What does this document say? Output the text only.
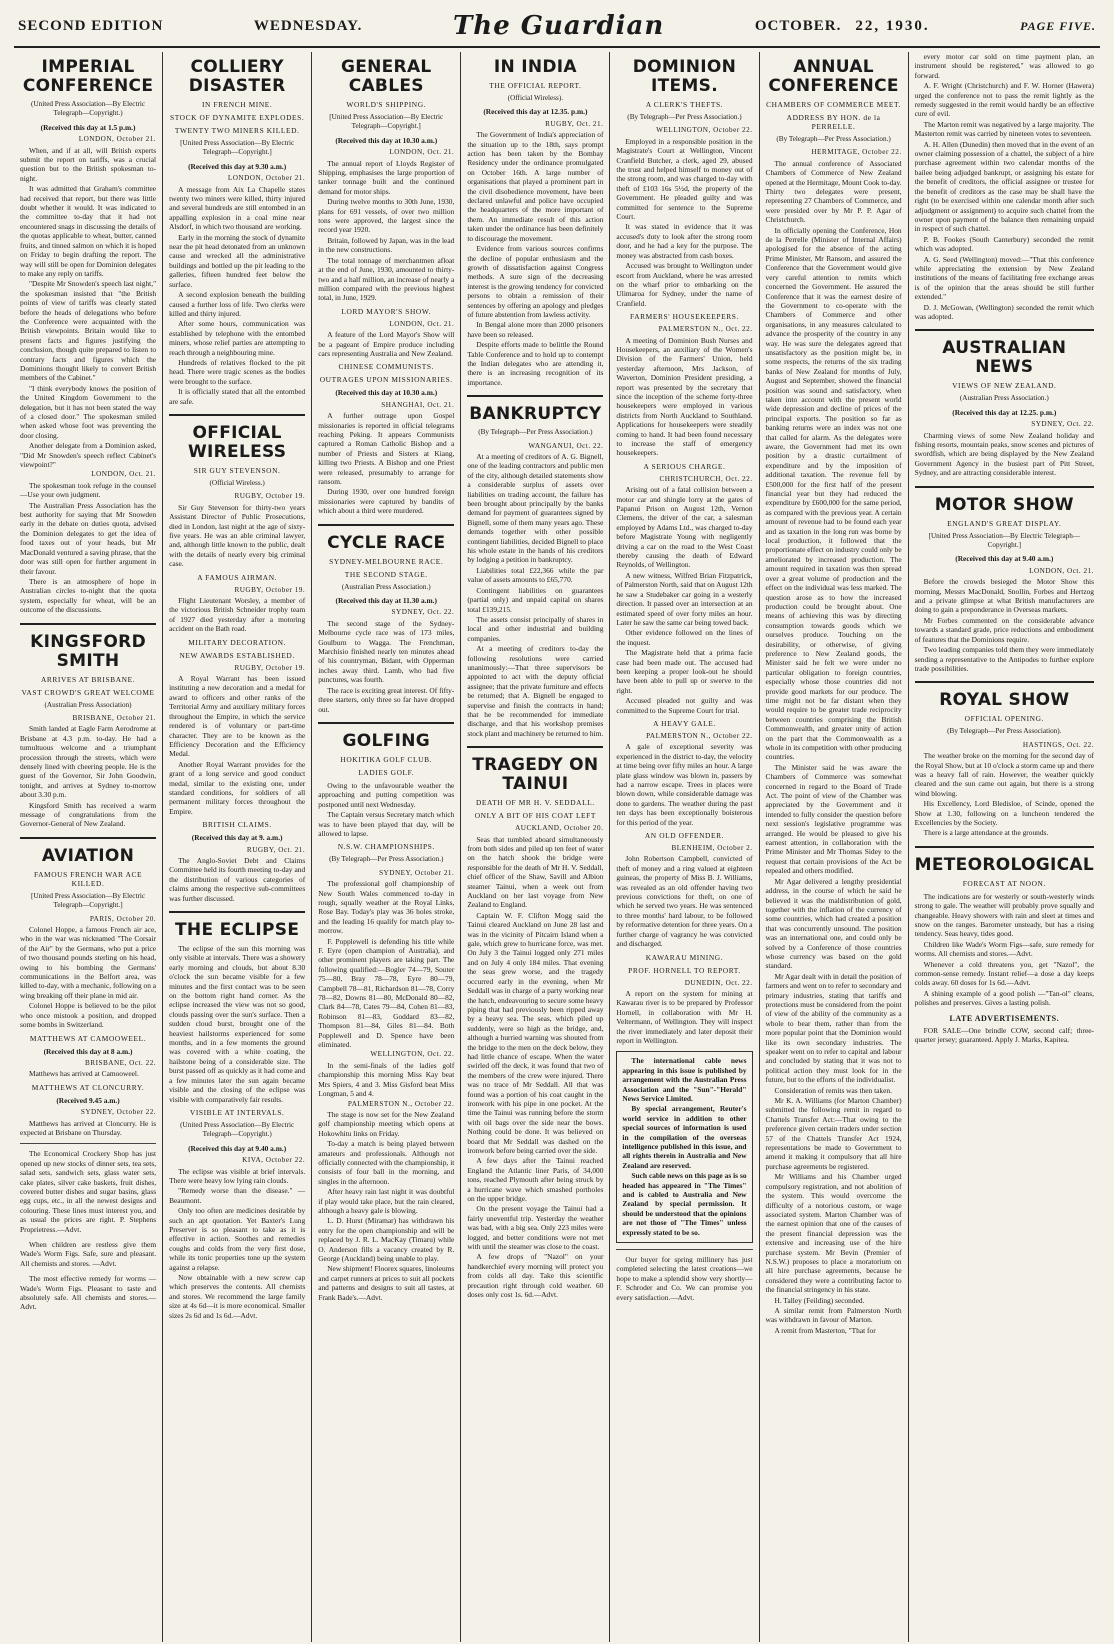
SECOND EDITION	WEDNESDAY.	The Guardian	OCTOBER. 22, 1930.	PAGE FIVE.
IMPERIAL CONFERENCE
(United Press Association—By Electric Telegraph—Copyright.)
(Received this day at 1.5 p.m.)
LONDON, October 21.

When, and if at all, will British experts submit the report on tariffs, was a crucial question but to the British spokesman to-night.

It was admitted that Graham's committee had received that report, but there was little doubt whether it would. It was indicated to the committee to-day that it had not encountered snags in discussing the details of the quotas applicable to wheat, butter, canned fruits, and tinned salmon on which it is hoped on Friday to begin drafting the report. The way will still be open for Dominion delegates to make any reply on tariffs.

"Despite Mr Snowden's speech last night," the spokesman insisted that "the British points of view of tariffs was clearly stated before the heads of delegations who before the Conference were acquainted with the British viewpoints. Britain would like to present facts and figures justifying the conclusion, though quite prepared to listen to contrary facts and figures which the Dominions thought likely to convert British members of the Cabinet."

"I think everybody knows the position of the United Kingdom Government to the delegation, but it has not been stated the way of a closed door." The spokesman smiled when asked whose foot was preventing the door closing.

Another delegate from a Dominion asked, "Did Mr Snowden's speech reflect Cabinet's viewpoint?"

LONDON, Oct. 21.

The spokesman took refuge in the counsel—Use your own judgment.

The Australian Press Association has the best authority for saying that Mr Snowden early in the debate on duties quota, advised the Dominion delegates to get the idea of food taxes out of your heads, but Mr MacDonald ventured a saving phrase, that the door was still open for further argument in their favour.

There is an atmosphere of hope in Australian circles to-night that the quota system, especially for wheat, will be an outcome of the discussions.

KINGSFORD SMITH
ARRIVES AT BRISBANE.
VAST CROWD'S GREAT WELCOME
(Australian Press Association)
BRISBANE, October 21.

Smith landed at Eagle Farm Aerodrome at Brisbane at 4.3 p.m. to-day. He had a tumultuous welcome and a triumphant procession through the streets, which were densely lined with cheering people. He is the guest of the Governor, Sir John Goodwin, tonight, and arrives at Sydney to-morrow about 3.30 p.m.

Kingsford Smith has received a warm message of congratulations from the Governor-General of New Zealand.

AVIATION
FAMOUS FRENCH WAR ACE KILLED.
[United Press Association—By Electric Telegraph—Copyright.]
PARIS, October 20.

Colonel Hoppe, a famous French air ace, who in the war was nicknamed "The Corsair of the Air" by the Germans, who put a price of two thousand pounds sterling on his head, owing to his bombing the Germans' communications in the Belfort area, was killed to-day, with a mechanic, following on a wing breaking off their plane in mid air.

Colonel Hoppe is believed to be the pilot who once mistook a position, and dropped some bombs in Switzerland.

MATTHEWS AT CAMOOWEEL.
(Received this day at 8 a.m.)
BRISBANE, Oct. 22.

Matthews has arrived at Camooweel.

MATTHEWS AT CLONCURRY.
(Received 9.45 a.m.)
SYDNEY, October 22.

Matthews has arrived at Cloncurry. He is expected at Brisbane on Thursday.

The Economical Crockery Shop has just opened up new stocks of dinner sets, tea sets, salad sets, sandwich sets, glass water sets, cake plates, silver cake baskets, fruit dishes, covered butter dishes and sugar basins, glass egg cups, etc., in all the newest designs and colouring. These lines must interest you, and as usual the prices are right. P. Stephens Proprietress.—Advt.

When children are restless give them Wade's Worm Figs. Safe, sure and pleasant. All chemists and stores. —Advt.

The most effective remedy for worms —Wade's Worm Figs. Pleasant to taste and absolutely safe. All chemists and stores.—Advt.

COLLIERY DISASTER
IN FRENCH MINE.
STOCK OF DYNAMITE EXPLODES.
TWENTY TWO MINERS KILLED.
[United Press Association—By Electric Telegraph—Copyright.]
(Received this day at 9.30 a.m.)
LONDON, October 21.

A message from Aix La Chapelle states twenty two miners were killed, thirty injured and several hundreds are still entombed in an appalling explosion in a coal mine near Alsdorf, in which two thousand are working.

Early in the morning the stock of dynamite near the pit head detonated from an unknown cause and wrecked all the administrative buildings and bottled up the pit leading to the galleries, fifteen hundred feet below the surface.

A second explosion beneath the building caused a further loss of life. Two clerks were killed and thirty injured.

After some hours, communication was established by telephone with the entombed miners, whose relief parties are attempting to reach through a neighbouring mine.

Hundreds of relatives flocked to the pit head. There were tragic scenes as the bodies were brought to the surface.

It is officially stated that all the entombed are safe.

OFFICIAL WIRELESS
SIR GUY STEVENSON.
(Official Wireless.)
RUGBY, October 19.

Sir Guy Stevenson for thirty-two years Assistant Director of Public Prosecutions, died in London, last night at the age of sixty-five years. He was an able criminal lawyer, and, although little known to the public, dealt with the details of nearly every big criminal case.

A FAMOUS AIRMAN.
RUGBY, October 19.

Flight Lieutenant Worsley, a member of the victorious British Schneider trophy team of 1927 died yesterday after a motoring accident on the Bath road.

MILITARY DECORATION.
NEW AWARDS ESTABLISHED.
RUGBY, October 19.

A Royal Warrant has been issued instituting a new decoration and a medal for award to officers and other ranks of the Territorial Army and auxiliary military forces throughout the Empire, in which the service rendered is of voluntary or part-time character. They are to be known as the Efficiency Decoration and the Efficiency Medal.

Another Royal Warrant provides for the grant of a long service and good conduct medal, similar to the existing one, under standard conditions, for soldiers of all permanent military forces throughout the Empire.

BRITISH CLAIMS.
(Received this day at 9. a.m.)
RUGBY, Oct. 21.

The Anglo-Soviet Debt and Claims Committee held its fourth meeting to-day and the distribution of various categories of claims among the respective sub-committees was further discussed.

THE ECLIPSE

The eclipse of the sun this morning was only visible at intervals. There was a showery early morning and clouds, but about 8.30 o'clock the sun became visible for a few minutes and the first contact was to be seen on the bottom right hand corner. As the eclipse increased the view was not so good, clouds passing over the sun's surface. Then a sudden cloud burst, brought one of the heaviest hailstorms experienced for some months, and in a few moments the ground was covered with a white coating, the hailstone being of a considerable size. The burst passed off as quickly as it had come and a few minutes later the sun again became visible and the closing of the eclipse was visible with comparatively fair results.

VISIBLE AT INTERVALS.
(United Press Association—By Electric Telegraph—Copyright.)
(Received this day at 9.40 a.m.)
KIVA, October 22.

The eclipse was visible at brief intervals. There were heavy low lying rain clouds.

"Remedy worse than the disease." —Beaumont.

Only too often are medicines desirable by such an apt quotation. Yet Baxter's Lung Preserver is so pleasant to take as it is effective in action. Soothes and remedies coughs and colds from the very first dose, while its tonic properties tone up the system against a relapse.

Now obtainable with a new screw cap which preserves the contents. All chemists and stores. We recommend the large family size at 4s 6d—it is more economical. Smaller sizes 2s 6d and 1s 6d.—Advt.

GENERAL CABLES
WORLD'S SHIPPING.
[United Press Association—By Electric Telegraph—Copyright.]
(Received this day at 10.30 a.m.)
LONDON, Oct. 21.

The annual report of Lloyds Register of Shipping, emphasises the large proportion of tanker tonnage built and the continued demand for motor ships.

During twelve months to 30th June, 1930, plans for 691 vessels, of over two million tons were approved, the largest since the record year 1920.

Britain, followed by Japan, was in the lead in the new constructions.

The total tonnage of merchantmen afloat at the end of June, 1930, amounted to thirty-two and a half million, an increase of nearly a million compared with the previous highest total, in June, 1929.

LORD MAYOR'S SHOW.
LONDON, Oct. 21.

A feature of the Lord Mayor's Show will be a pageant of Empire produce including cars representing Australia and New Zealand.

CHINESE COMMUNISTS.
OUTRAGES UPON MISSIONARIES.
(Received this day at 10.30 a.m.)
SHANGHAI, Oct. 21.

A further outrage upon Gospel missionaries is reported in official telegrams reaching Peking. It appears Communists captured a Roman Catholic Bishop and a number of Priests and Sisters at Kiang, killing two Priests. A Bishop and one Priest were released, presumably to arrange for ransom.

During 1930, over one hundred foreign missionaries were captured by bandits of which about a third were murdered.

CYCLE RACE
SYDNEY-MELBOURNE RACE.
THE SECOND STAGE.
(Australian Press Association.)
(Received this day at 11.30 a.m.)
SYDNEY, Oct. 22.

The second stage of the Sydney-Melbourne cycle race was of 173 miles, Goulburn to Wagga. The Frenchman, Marchisio finished nearly ten minutes ahead of his countryman, Bidant, with Opperman inches away third. Lamb, who had five punctures, was fourth.

The race is exciting great interest. Of fifty-three starters, only three so far have dropped out.

GOLFING
HOKITIKA GOLF CLUB.
LADIES GOLF.

Owing to the unfavourable weather the approaching and putting competition was postponed until next Wednesday.

The Captain versus Secretary match which was to have been played that day, will be allowed to lapse.

N.S.W. CHAMPIONSHIPS.
(By Telegraph—Per Press Association.)
SYDNEY, October 21.

The professional golf championship of New South Wales commenced to-day in rough, squally weather at the Royal Links, Rose Bay. Today's play was 36 holes stroke, and the leading 16 qualify for match play to-morrow.

F. Popplewell is defending his title while F. Eyre (open champion of Australia), and other prominent players are taking part. The following qualified:—Bogler 74—79, Souter 75—80, Bray 78—78, Eyre 80—79, Campbell 78—81, Richardson 81—78, Corry 78—82, Downs 81—80, McDonald 80—82, Clark 84—78, Cates 79—84, Cohen 81—83, Robinson 81—83, Goddard 83—82, Thompson 81—84, Giles 81—84. Both Popplewell and D. Spence have been eliminated.

WELLINGTON, Oct. 22.

In the semi-finals of the ladies golf championship this morning Miss Kay beat Mrs Spiers, 4 and 3. Miss Gisford beat Miss Longman, 5 and 4.

PALMERSTON N., October 22.

The stage is now set for the New Zealand golf championship meeting which opens at Hokowhitu links on Friday.

To-day a match is being played between amateurs and professionals. Although not officially connected with the championship, it consists of four ball in the morning, and singles in the afternoon.

After heavy rain last night it was doubtful if play would take place, but the rain cleared, although a heavy gale is blowing.

L. D. Hurst (Miramar) has withdrawn his entry for the open championship and will be replaced by J. R. L. MacKay (Timaru) while O. Anderson fills a vacancy created by R. George (Auckland) being unable to play.

New shipment! Floorex squares, linoleums and carpet runners at prices to suit all pockets and patterns and designs to suit all tastes, at Frank Bade's.—Advt.

IN INDIA
THE OFFICIAL REPORT.
(Official Wireless).
(Received this day at 12.35. p.m.)
RUGBY, Oct. 21.

The Government of India's appreciation of the situation up to the 18th, says prompt action has been taken by the Bombay Residency under the ordinance promulgated on October 16th. A large number of organisations that played a prominent part in the civil disobedience movement, have been declared unlawful and police have occupied the headquarters of the more important of them. An immediate result of this action taken under the ordinance has been definitely to discourage the movement.

Evidence from various sources confirms the decline of popular enthusiasm and the growth of dissatisfaction against Congress methods. A sure sign of the decreasing interest is the growing tendency for convicted persons to obtain a remission of their sentences by offering an apology and pledges of future abstention from lawless activity.

In Bengal alone more than 2000 prisoners have been so released.

Despite efforts made to belittle the Round Table Conference and to hold up to contempt the Indian delegates who are attending it, there is an increasing recognition of its importance.

BANKRUPTCY
(By Telegraph—Per Press Association.)
WANGANUI, Oct. 22.

At a meeting of creditors of A. G. Bignell, one of the leading contractors and public men of the city, although detailed statements show a considerable surplus of assets over liabilities on trading account, the failure has been brought about principally by the banks demand for payment of guarantees signed by Bignell, some of them many years ago. These demands together with other possible contingent liabilities, decided Bignell to place his whole estate in the hands of his creditors by lodging a petition in bankruptcy.

Liabilities total £22,366 while the par value of assets amounts to £65,770.

Contingent liabilities on guarantees (partial only) and unpaid capital on shares total £139,215.

The assets consist principally of shares in local and other industrial and building companies.

At a meeting of creditors to-day the following resolutions were carried unanimously:—That three supervisors be appointed to act with the deputy official assignee; that the private furniture and effects be returned; that A. Bignell be engaged to supervise and finish the contracts in hand; that he be recommended for immediate discharge, and that his workshop premises stock plant and machinery be returned to him.

TRAGEDY ON TAINUI
DEATH OF MR H. V. SEDDALL.
ONLY A BIT OF HIS COAT LEFT
AUCKLAND, October 20.

Seas that tumbled aboard simultaneously from both sides and piled up ten feet of water on the hatch shook the bridge were responsible for the death of Mr H. V. Seddall, chief officer of the Shaw, Savill and Albion steamer Tainui, when a week out from Auckland on her last voyage from New Zealand to England.

Captain W. F. Clifton Mogg said the Tainui cleared Auckland on June 28 last and was in the vicinity of Pitcairn Island when a gale, which grew to hurricane force, was met. On July 3 the Tainui logged only 271 miles and on July 4 only 184 miles. That evening the seas grew worse, and the tragedy occurred early in the evening, when Mr Seddall was in charge of a party working near the hatch, endeavouring to secure some heavy piping that had previously been ripped away by a heavy sea. The seas, which piled up suddenly, were so high as the bridge, and, although a hurried warning was shouted from the bridge to the men on the deck below, they had little chance of escape. When the water swirled off the deck, it was found that two of the members of the crew were injured. There was no trace of Mr Seddall. All that was found was a portion of his coat caught in the ironwork with his pipe in one pocket. At the time the Tainui was running before the storm with oil bags over the side near the bows. Nothing could be done. It was believed on board that Mr Seddall was dashed on the ironwork before being carried over the side.

A few days after the Tainui reached England the Atlantic liner Paris, of 34,000 tons, reached Plymouth after being struck by a hurricane wave which smashed portholes on the upper bridge.

On the present voyage the Tainui had a fairly uneventful trip. Yesterday the weather was bad, with a big sea. Only 223 miles were logged, and better conditions were not met with until the steamer was close to the coast.

A few drops of "Nazol" on your handkerchief every morning will protect you from colds all day. Take this scientific precaution right through cold weather. 60 doses only cost 1s. 6d.—Advt.

DOMINION ITEMS.
A CLERK'S THEFTS.
(By Telegraph—Per Press Association.)
WELLINGTON, October 22.

Employed in a responsible position in the Magistrate's Court at Wellington, Vincent Cranfield Butcher, a clerk, aged 29, abused the trust and helped himself to money out of the strong room, and was charged to-day with theft of £103 16s 5½d, the property of the Government. He pleaded guilty and was committed for sentence to the Supreme Court.

It was stated in evidence that it was accused's duty to look after the strong room door, and he had a key for the purpose. The money was abstracted from cash boxes.

Accused was brought to Wellington under escort from Auckland, where he was arrested on the wharf prior to embarking on the Ulimaroa for Sydney, under the name of Cranfield.

FARMERS' HOUSEKEEPERS.
PALMERSTON N., Oct. 22.

A meeting of Dominion Bush Nurses and Housekeepers, an auxiliary of the Women's Division of the Farmers' Union, held yesterday afternoon, Mrs Jackson, of Waverton, Dominion President presiding, a report was presented by the secretary that since the inception of the scheme forty-three housekeepers were employed in various districts from North Auckland to Southland. Applications for housekeepers were steadily coming to hand. It had been found necessary to increase the staff of emergency housekeepers.

A SERIOUS CHARGE.
CHRISTCHURCH, Oct. 22.

Arising out of a fatal collision between a motor car and shingle lorry at the gates of Papanui Prison on August 12th, Vernon Clemens, the driver of the car, a salesman employed by Adams Ltd., was charged to-day before Magistrate Young with negligently driving a car on the road to the West Coast thereby causing the death of Edward Reynolds, of Wellington.

A new witness, Wilfred Brian Fitzpatrick, of Palmerston North, said that on August 12th he saw a Studebaker car going in a westerly direction. It passed over an intersection at an estimated speed of over forty miles an hour. Later he saw the same car being towed back.

Other evidence followed on the lines of the inquest.

The Magistrate held that a prima facie case had been made out. The accused had been keeping a proper look-out he should have been able to pull up or swerve to the right.

Accused pleaded not guilty and was committed to the Supreme Court for trial.

A HEAVY GALE.
PALMERSTON N., October 22.

A gale of exceptional severity was experienced in the district to-day, the velocity at time being over fifty miles an hour. A large plate glass window was blown in, passers by had a narrow escape. Trees in places were blown down, while considerable damage was done to gardens. The weather during the past ten days has been exceptionally boisterous for this period of the year.

AN OLD OFFENDER.
BLENHEIM, October 2.

John Robertson Campbell, convicted of theft of money and a ring valued at eighteen guineas, the property of Miss B. J. Williams, was revealed as an old offender having two previous convictions for theft, on one of which he served two years. He was sentenced to three months' hard labour, to be followed by reformative detention for three years. On a further charge of vagrancy he was convicted and discharged.

KAWARAU MINING.
PROF. HORNELL TO REPORT.
DUNEDIN, Oct. 22.

A report on the system for mining at Kawarau river is to be prepared by Professor Hornell, in collaboration with Mr H. Veltermann, of Wellington. They will inspect the river immediately and later deposit their report in Wellington.

The international cable news appearing in this issue is published by arrangement with the Australian Press Association and the "Sun"-"Herald" News Service Limited.

By special arrangement, Reuter's world service in addition to other special sources of information is used in the compilation of the overseas intelligence published in this issue, and all rights therein in Australia and New Zealand are reserved.

Such cable news on this page as is so headed has appeared in "The Times" and is cabled to Australia and New Zealand by special permission. It should be understood that the opinions are not those of "The Times" unless expressly stated to be so.

Our buyer for spring millinery has just completed selecting the latest creations—we hope to make a splendid show very shortly—F. Schroder and Co. We can promise you every satisfaction.—Advt.

ANNUAL CONFERENCE
CHAMBERS OF COMMERCE MEET.
ADDRESS BY HON. de la PERRELLE.
(By Telegraph—Per Press Association.)
HERMITAGE, October 22.

The annual conference of Associated Chambers of Commerce of New Zealand opened at the Hermitage, Mount Cook to-day. Thirty two delegates were present, representing 27 Chambers of Commerce, and were presided over by Mr P. P. Agar of Christchurch.

In officially opening the Conference, Hon de la Perrelle (Minister of Internal Affairs) apologised for the absence of the acting Prime Minister, Mr Ransom, and assured the Conference that the Government would give very careful attention to remits which concerned the Government. He assured the Conference that it was the earnest desire of the Government to co-operate with the Chambers of Commerce and other organisations, in any measures calculated to advance the prosperity of the country in any way. He was sure the delegates agreed that unsatisfactory as the position might be, in some respects, the returns of the six trading banks of New Zealand for months of July, August and September, showed the financial position was sound and satisfactory, when taken into account with the present world wide depression and decline of prices of the principal exports. The position so far as banking returns were an index was not one that called for alarm. As the delegates were aware, the Government had met its own position by a drastic curtailment of expenditure and by the imposition of additional taxation. The revenue fell by £500,000 for the first half of the present financial year but they had reduced the expenditure by £600,000 for the same period, as compared with the previous year. A certain amount of revenue had to be found each year and as taxation in the long run was borne by local production, it followed that the proportionate effect on industry could only be ameliorated by increased production. The amount required in taxation was then spread over a great volume of production and the effect on the individual was less marked. The question arose as to how the increased production could be brought about. One means of achieving this was by directing consumption towards goods which we ourselves produce. Touching on the desirability, or otherwise, of giving preference to New Zealand goods, the Minister said he felt we were under no particular obligation to foreign countries, especially whose those countries did not provide good markets for our produce. The time might not be far distant when they would require to be greater trade reciprocity between countries comprising the British Commonwealth, and greater unity of action on the part that the Commonwealth as a whole in its competition with other producing countries.

The Minister said he was aware the Chambers of Commerce was somewhat concerned in regard to the Board of Trade Act. The point of view of the Chamber was appreciated by the Government and it intended to fully consider the question before next session's legislative programme was arranged. He would be pleased to give his earnest attention, in collaboration with the Prime Minister and Mr Thomas Sidey to the request that certain provisions of the Act be repealed and others modified.

Mr Agar delivered a lengthy presidential address, in the course of which he said he believed it was the maldistribution of gold, together with the inflation of the currency of some countries, which had created a position that was concurrently unsound. The position was an international one, and could only be solved by a Conference of those countries whose currency was based on the gold standard.

Mr Agar dealt with in detail the position of farmers and went on to refer to secondary and primary industries, stating that tariffs and protections must be considered from the point of view of the ability of the community as a whole to bear them, rather than from the more popular point that the Dominion would like its own secondary industries. The speaker went on to refer to capital and labour and concluded by stating that it was not to political action they must look for in the future, but to the efforts of the individualist.

Consideration of remits was then taken.

Mr K. A. Williams (for Marton Chamber) submitted the following remit in regard to Chattels Transfer Act:—That owing to the preference given certain traders under section 57 of the Chattels Transfer Act 1924, representations be made to Government to amend it making it compulsory that all hire purchase agreements be registered.

Mr Williams and his Chamber urged compulsory registration, and not abolition of the system. This would overcome the difficulty of a notorious custom, or wage associated system. Marton Chamber was of the earnest opinion that one of the causes of the present financial depression was the extensive and increasing use of the hire purchase system. Mr Bevin (Premier of N.S.W.) proposes to place a moratorium on all hire purchase agreements, because he considered they were a contributing factor to the financial stringency in his state.

H. Talley (Feilding) seconded.

A similar remit from Palmerston North was withdrawn in favour of Marton.

A remit from Masterton, "That for

every motor car sold on time payment plan, an instrument should be registered," was allowed to go forward.

A. F. Wright (Christchurch) and F. W. Horner (Hawera) urged the conference not to pass the remit lightly as the remedy suggested in the remit would hardly be an effective cure of evil.

The Marton remit was negatived by a large majority. The Masterton remit was carried by nineteen votes to seventeen.

A. H. Allen (Dunedin) then moved that in the event of an owner claiming possession of a chattel, the subject of a hire purchase agreement within two calendar months of the bailee being adjudged bankrupt, or assigning his estate for the benefit of creditors, the official assignee or trustee for the benefit of creditors as the case may be shall have the right (to be exercised within one calendar month after such adjudgment or assignment) to acquire such chattel from the owner upon payment of the balance then remaining unpaid in respect of such chattel.

P. B. Fookes (South Canterbury) seconded the remit which was adopted.

A. G. Seed (Wellington) moved:—"That this conference while appreciating the extension by New Zealand institutions of the means of facilitating free exchange areas is of the opinion that the areas should be still further extended."

D. J. McGowan, (Wellington) seconded the remit which was adopted.

AUSTRALIAN NEWS
VIEWS OF NEW ZEALAND.
(Australian Press Association.)
(Received this day at 12.25. p.m.)
SYDNEY, Oct. 22.

Charming views of some New Zealand holiday and fishing resorts, mountain peaks, snow scenes and pictures of swordfish, which are being displayed by the New Zealand Government Agency in the busiest part of Pitt Street, Sydney, and are attracting considerable interest.

MOTOR SHOW
ENGLAND'S GREAT DISPLAY.
[United Press Association—By Electric Telegraph—Copyright.]
(Received this day at 9.40 a.m.)
LONDON, Oct. 21.

Before the crowds besieged the Motor Show this morning, Messrs MacDonald, Snollin, Forbes and Hertzog and a private glimpse at what British manufacturers are doing to gain a preponderance in Overseas markets.

Mr Forbes commented on the considerable advance towards a standard grade, price reductions and embodiment of features that the Dominions require.

Two leading companies told them they were immediately sending a representative to the Antipodes to further explore trade possibilities.

ROYAL SHOW
OFFICIAL OPENING.
(By Telegraph—Per Press Association).
HASTINGS, Oct. 22.

The weather broke on the morning for the second day of the Royal Show, but at 10 o'clock a storm came up and there was a heavy fall of rain. However, the weather quickly cleared and the sun came out again, but there is a strong wind blowing.

His Excellency, Lord Bledisloe, of Scinde, opened the Show at 1.30, following on a luncheon tendered the Excellencies by the Society.

There is a large attendance at the grounds.

METEOROLOGICAL
FORECAST AT NOON.

The indications are for westerly or south-westerly winds strong to gale. The weather will probably prove squally and changeable. Heavy showers with rain and sleet at times and snow on the ranges. Barometer unsteady, but has a rising tendency. Seas heavy, tides good.

Children like Wade's Worm Figs—safe, sure remedy for worms. All chemists and stores.—Advt.

Whenever a cold threatens you, get "Nazol", the common-sense remedy. Instant relief—a dose a day keeps colds away. 60 doses for 1s 6d.—Advt.

A shining example of a good polish —"Tan-ol" cleans, polishes and preserves. Gives a lasting polish.

LATE ADVERTISEMENTS.

FOR SALE—One brindle COW, second calf; three-quarter jersey; guaranteed. Apply J. Marks, Kapitea.
